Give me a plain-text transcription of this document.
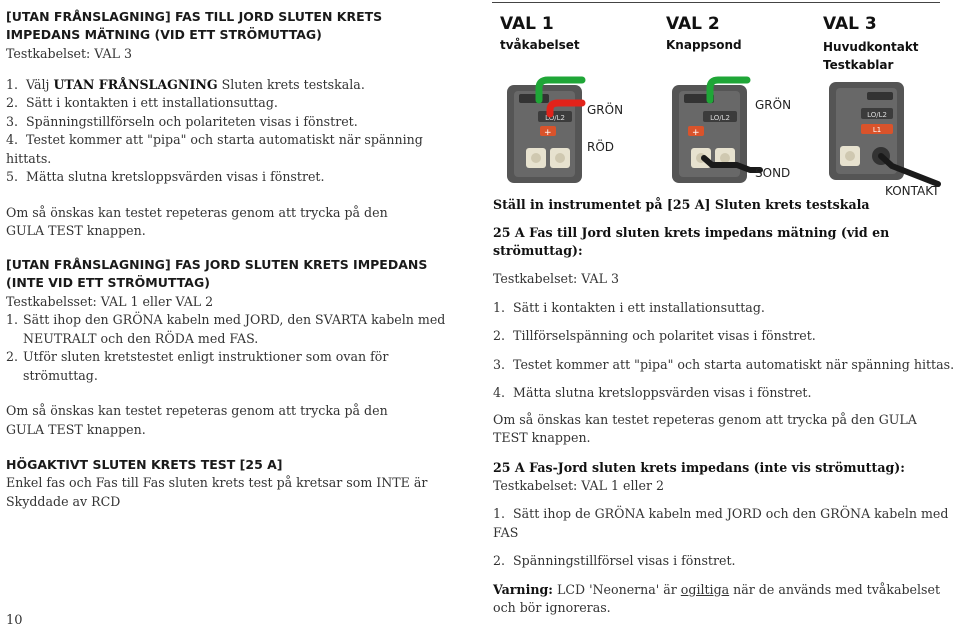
[UTAN FRÅNSLAGNING] FAS TILL JORD SLUTEN KRETS IMPEDANS MÄTNING (VID ETT STRÖMUTTAG)
Testkabelset: VAL 3
1. Välj UTAN FRÅNSLAGNING Sluten krets testskala.
2. Sätt i kontakten i ett installationsuttag.
3. Spänningstillförseln och polariteten visas i fönstret.
4. Testet kommer att "pipa" och starta automatiskt när spänning hittats.
5. Mätta slutna kretsloppsvärden visas i fönstret.
Om så önskas kan testet repeteras genom att trycka på den GULA TEST knappen.
[UTAN FRÅNSLAGNING] FAS JORD SLUTEN KRETS IMPEDANS (INTE VID ETT STRÖMUTTAG)
Testkabelsset: VAL 1 eller VAL 2
1. Sätt ihop den GRÖNA kabeln med JORD, den SVARTA kabeln med NEUTRALT och den RÖDA med FAS.
2. Utför sluten kretstestet enligt instruktioner som ovan för strömuttag.
Om så önskas kan testet repeteras genom att trycka på den GULA TEST knappen.
HÖGAKTIVT SLUTEN KRETS TEST [25 A]
Enkel fas och Fas till Fas sluten krets test på kretsar som INTE är Skyddade av RCD
10
VAL 1
tvåkabelset
VAL 2
Knappsond
VAL 3
Huvudkontakt Testkablar
LO/L2
+
LO/L2
+
LO/L2
L1
GRÖN
RÖD
GRÖN
SOND
KONTAKT
Ställ in instrumentet på [25 A] Sluten krets testskala
25 A Fas till Jord sluten krets impedans mätning (vid en strömuttag):
Testkabelset: VAL 3
1. Sätt i kontakten i ett installationsuttag.
2. Tillförselspänning och polaritet visas i fönstret.
3. Testet kommer att "pipa" och starta automatiskt när spänning hittas.
4. Mätta slutna kretsloppsvärden visas i fönstret.
Om så önskas kan testet repeteras genom att trycka på den GULA TEST knappen.
25 A Fas-Jord sluten krets impedans (inte vis strömuttag):
Testkabelset: VAL 1 eller 2
1. Sätt ihop de GRÖNA kabeln med JORD och den GRÖNA kabeln med FAS
2. Spänningstillförsel visas i fönstret.
Varning: LCD 'Neonerna' är ogiltiga när de används med tvåkabelset och bör ignoreras.
